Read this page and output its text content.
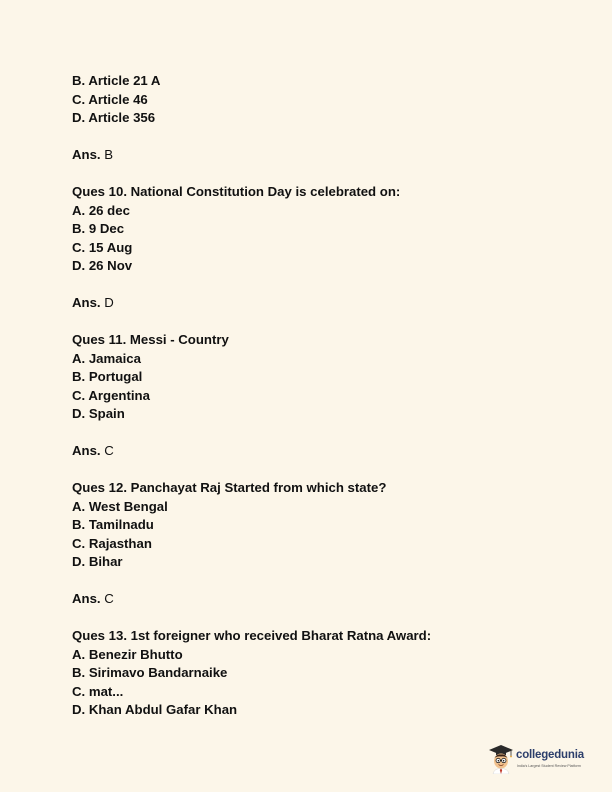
B. Article 21 A
C. Article 46
D. Article 356
Ans. B
Ques 10. National Constitution Day is celebrated on:
A. 26 dec
B. 9 Dec
C. 15 Aug
D. 26 Nov
Ans. D
Ques 11. Messi - Country
A. Jamaica
B. Portugal
C. Argentina
D. Spain
Ans. C
Ques 12. Panchayat Raj Started from which state?
A. West Bengal
B. Tamilnadu
C. Rajasthan
D. Bihar
Ans. C
Ques 13. 1st foreigner who received Bharat Ratna Award:
A. Benezir Bhutto
B. Sirimavo Bandarnaike
C. mat...
D. Khan Abdul Gafar Khan
collegedunia
India's Largest Student Review Platform
